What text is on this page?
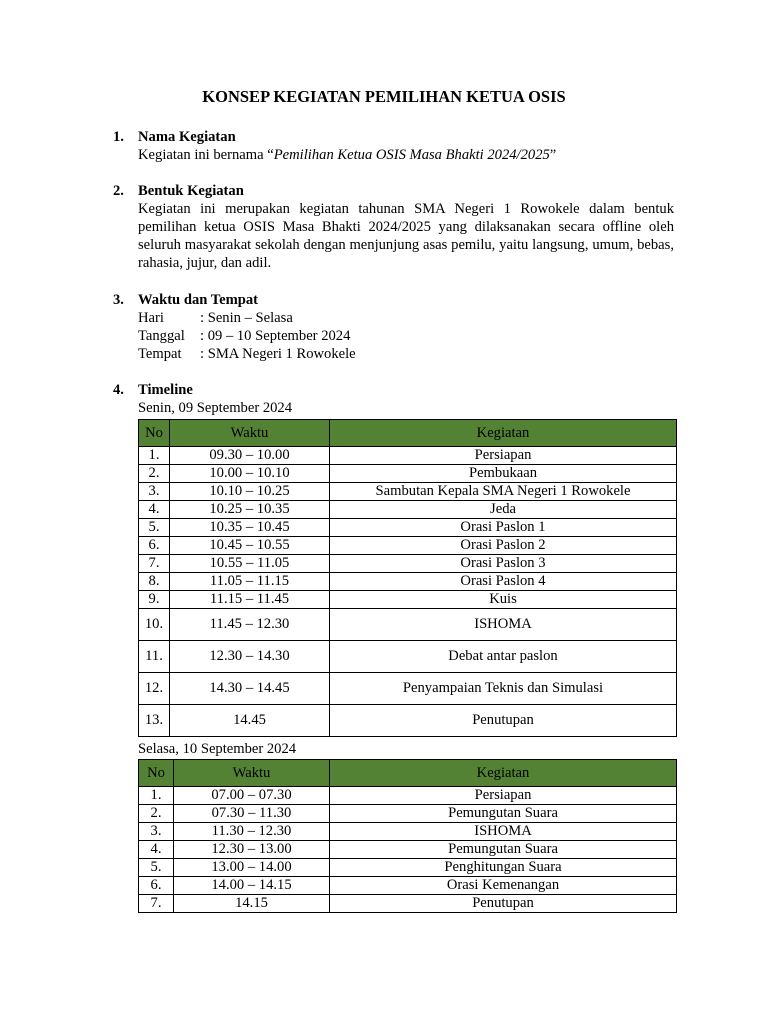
KONSEP KEGIATAN PEMILIHAN KETUA OSIS
1. Nama Kegiatan
Kegiatan ini bernama “Pemilihan Ketua OSIS Masa Bhakti 2024/2025”
2. Bentuk Kegiatan
Kegiatan ini merupakan kegiatan tahunan SMA Negeri 1 Rowokele dalam bentuk pemilihan ketua OSIS Masa Bhakti 2024/2025 yang dilaksanakan secara offline oleh seluruh masyarakat sekolah dengan menjunjung asas pemilu, yaitu langsung, umum, bebas, rahasia, jujur, dan adil.
3. Waktu dan Tempat
Hari	: Senin – Selasa
Tanggal	: 09 – 10 September 2024
Tempat	: SMA Negeri 1 Rowokele
4. Timeline
Senin, 09 September 2024
No	Waktu	Kegiatan
1.	09.30 – 10.00	Persiapan
2.	10.00 – 10.10	Pembukaan
3.	10.10 – 10.25	Sambutan Kepala SMA Negeri 1 Rowokele
4.	10.25 – 10.35	Jeda
5.	10.35 – 10.45	Orasi Paslon 1
6.	10.45 – 10.55	Orasi Paslon 2
7.	10.55 – 11.05	Orasi Paslon 3
8.	11.05 – 11.15	Orasi Paslon 4
9.	11.15 – 11.45	Kuis
10.	11.45 – 12.30	ISHOMA
11.	12.30 – 14.30	Debat antar paslon
12.	14.30 – 14.45	Penyampaian Teknis dan Simulasi
13.	14.45	Penutupan
Selasa, 10 September 2024
No	Waktu	Kegiatan
1.	07.00 – 07.30	Persiapan
2.	07.30 – 11.30	Pemungutan Suara
3.	11.30 – 12.30	ISHOMA
4.	12.30 – 13.00	Pemungutan Suara
5.	13.00 – 14.00	Penghitungan Suara
6.	14.00 – 14.15	Orasi Kemenangan
7.	14.15	Penutupan
